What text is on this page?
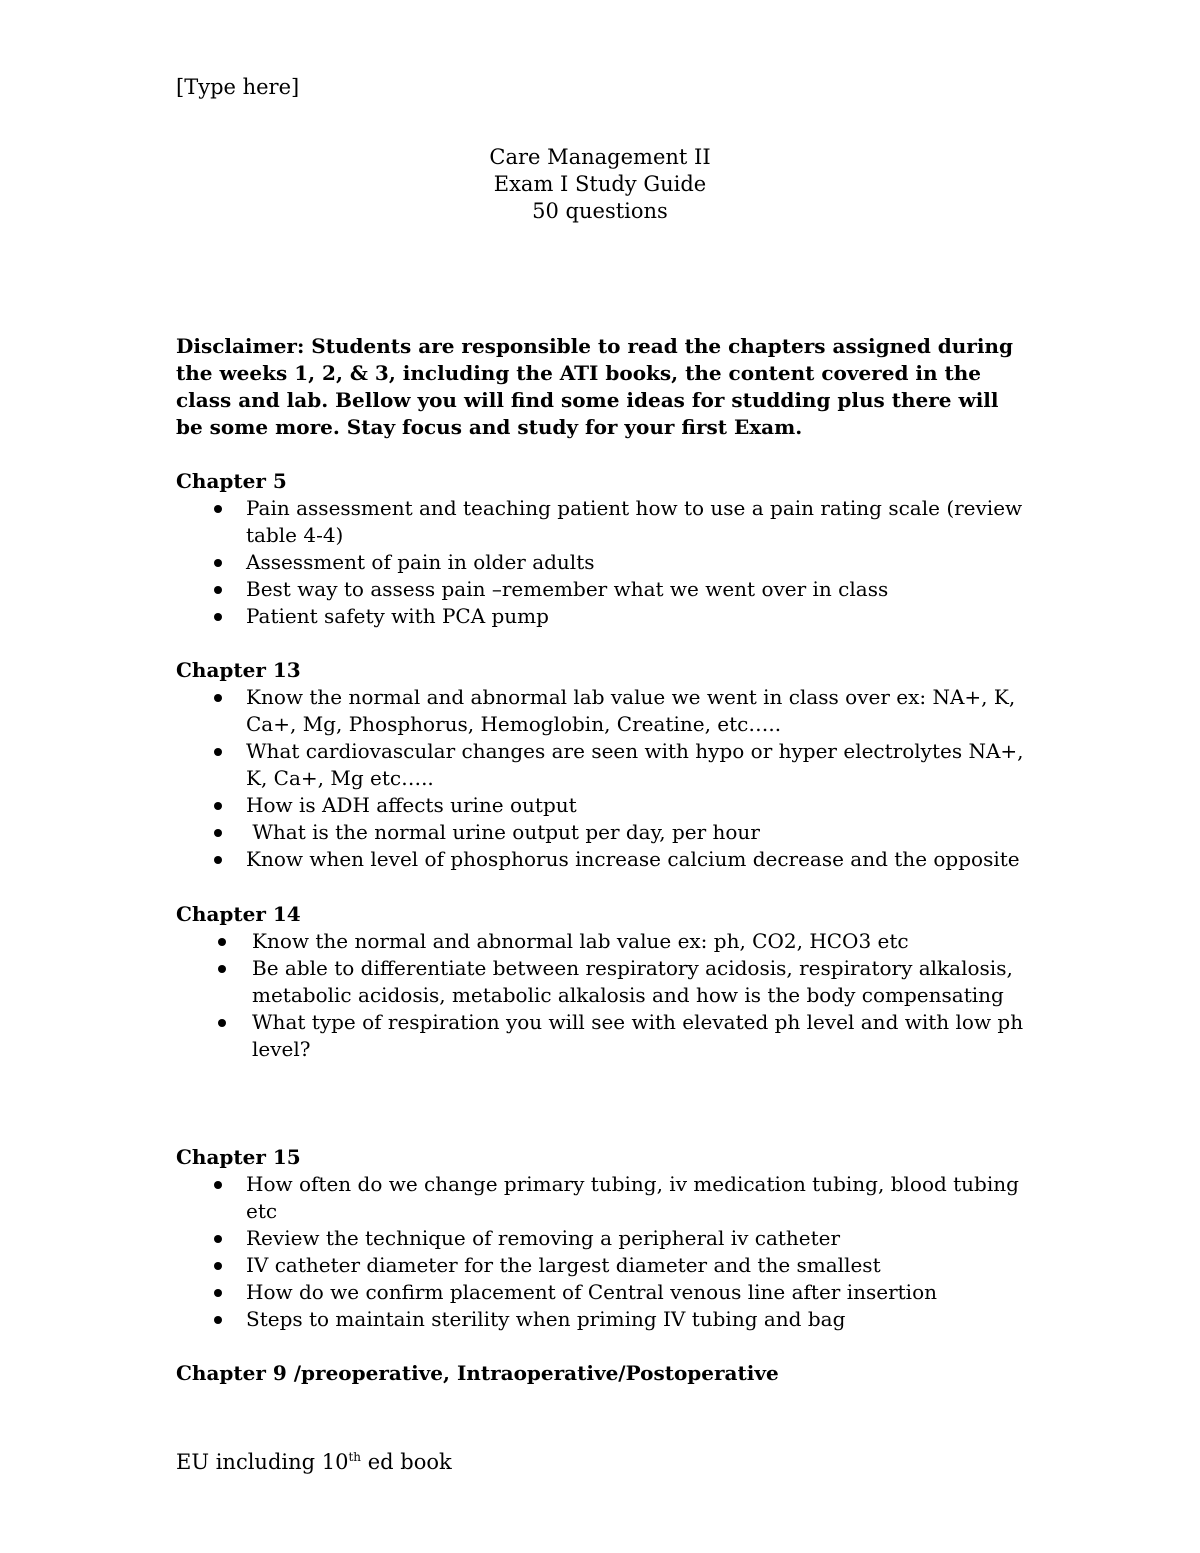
[Type here]
Care Management II
Exam I Study Guide
50 questions
Disclaimer: Students are responsible to read the chapters assigned during the weeks 1, 2, & 3, including the ATI books, the content covered in the class and lab. Bellow you will find some ideas for studding plus there will be some more. Stay focus and study for your first Exam.
Chapter 5
Pain assessment and teaching patient how to use a pain rating scale (review table 4-4)
Assessment of pain in older adults
Best way to assess pain –remember what we went over in class
Patient safety with PCA pump
Chapter 13
Know the normal and abnormal lab value we went in class over ex: NA+, K, Ca+, Mg, Phosphorus, Hemoglobin, Creatine, etc…..
What cardiovascular changes are seen with hypo or hyper electrolytes NA+, K, Ca+, Mg etc…..
How is ADH affects urine output
What is the normal urine output per day, per hour
Know when level of phosphorus increase calcium decrease and the opposite
Chapter 14
Know the normal and abnormal lab value ex: ph, CO2, HCO3 etc
Be able to differentiate between respiratory acidosis, respiratory alkalosis, metabolic acidosis, metabolic alkalosis and how is the body compensating
What type of respiration you will see with elevated ph level and with low ph level?
Chapter 15
How often do we change primary tubing, iv medication tubing, blood tubing etc
Review the technique of removing a peripheral iv catheter
IV catheter diameter for the largest diameter and the smallest
How do we confirm placement of Central venous line after insertion
Steps to maintain sterility when priming IV tubing and bag
Chapter 9 /preoperative, Intraoperative/Postoperative
EU including 10th ed book
